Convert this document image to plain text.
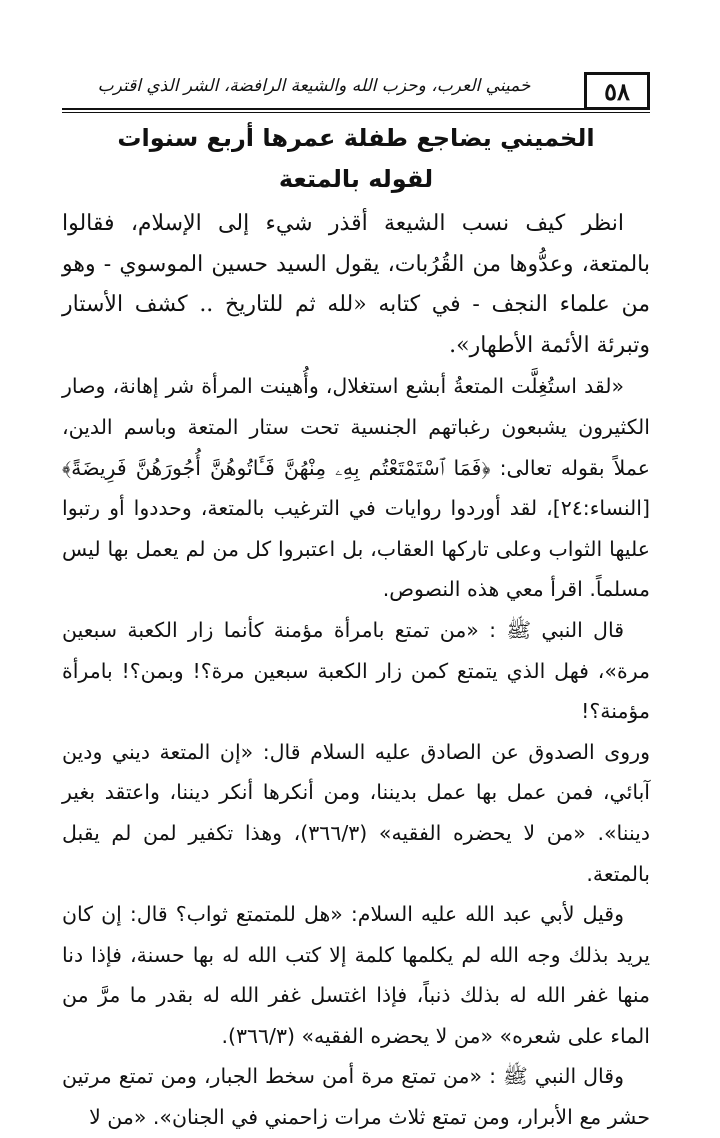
٥٨
خميني العرب، وحزب الله والشيعة الرافضة، الشر الذي اقترب
الخميني يضاجع طفلة عمرها أربع سنوات
لقوله بالمتعة

انظر كيف نسب الشيعة أقذر شيء إلى الإسلام، فقالوا بالمتعة، وعدُّوها من القُرُبات، يقول السيد حسين الموسوي - وهو من علماء النجف - في كتابه «لله ثم للتاريخ .. كشف الأستار وتبرئة الأئمة الأطهار».

«لقد استُغِلَّت المتعةُ أبشع استغلال، وأُهينت المرأة شر إهانة، وصار الكثيرون يشبعون رغباتهم الجنسية تحت ستار المتعة وباسم الدين، عملاً بقوله تعالى: ﴿فَمَا ٱسْتَمْتَعْتُم بِهِۦ مِنْهُنَّ فَـَٔاتُوهُنَّ أُجُورَهُنَّ فَرِيضَةً﴾ [النساء:٢٤]، لقد أوردوا روايات في الترغيب بالمتعة، وحددوا أو رتبوا عليها الثواب وعلى تاركها العقاب، بل اعتبروا كل من لم يعمل بها ليس مسلماً. اقرأ معي هذه النصوص.

قال النبي ﷺ : «من تمتع بامرأة مؤمنة كأنما زار الكعبة سبعين مرة»، فهل الذي يتمتع كمن زار الكعبة سبعين مرة؟! وبمن؟! بامرأة مؤمنة؟!

وروى الصدوق عن الصادق عليه السلام قال: «إن المتعة ديني ودين آبائي، فمن عمل بها عمل بديننا، ومن أنكرها أنكر ديننا، واعتقد بغير ديننا». «من لا يحضره الفقيه» (٣٦٦/٣)، وهذا تكفير لمن لم يقبل بالمتعة.

وقيل لأبي عبد الله عليه السلام: «هل للمتمتع ثواب؟ قال: إن كان يريد بذلك وجه الله لم يكلمها كلمة إلا كتب الله له بها حسنة، فإذا دنا منها غفر الله له بذلك ذنباً، فإذا اغتسل غفر الله له بقدر ما مرَّ من الماء على شعره» «من لا يحضره الفقيه» (٣٦٦/٣).

وقال النبي ﷺ : «من تمتع مرة أمن سخط الجبار، ومن تمتع مرتين حشر مع الأبرار، ومن تمتع ثلاث مرات زاحمني في الجنان». «من لا
